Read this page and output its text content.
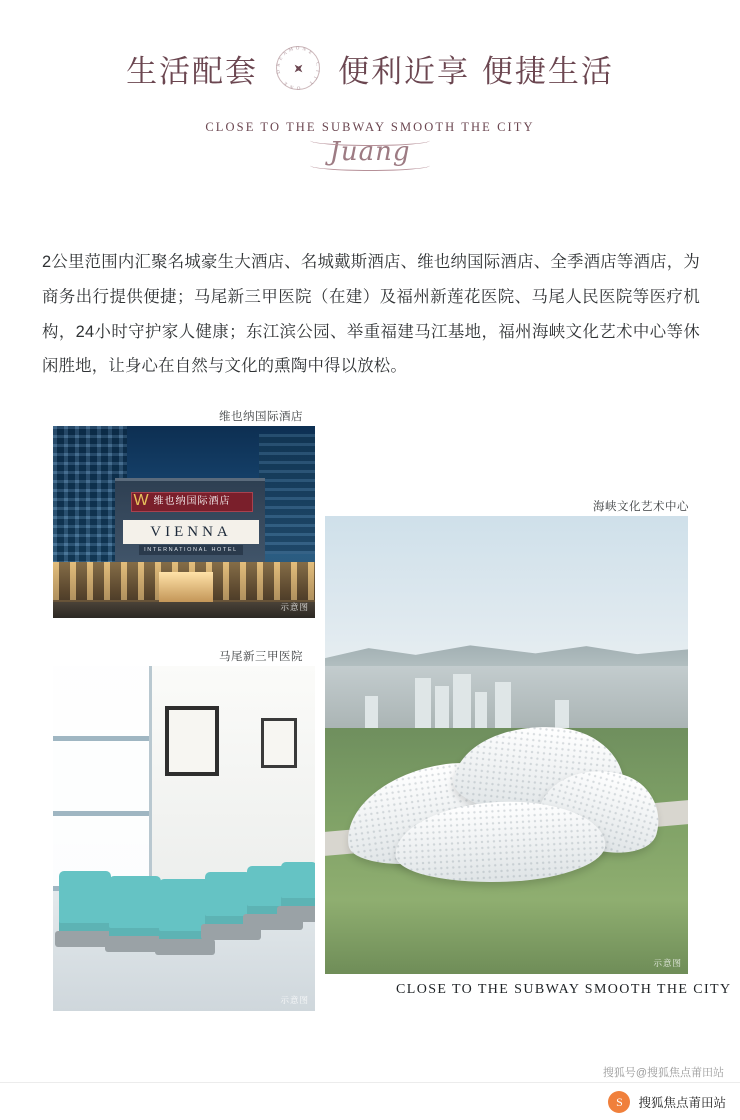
生活配套
O N
E
C
I
T
Y
O
N
E
D
R
E
A
M
便利近享 便捷生活
CLOSE TO THE SUBWAY SMOOTH THE CITY
Juang
2公里范围内汇聚名城豪生大酒店、名城戴斯酒店、维也纳国际酒店、全季酒店等酒店，为商务出行提供便捷；马尾新三甲医院（在建）及福州新莲花医院、马尾人民医院等医疗机构，24小时守护家人健康；东江滨公园、举重福建马江基地，福州海峡文化艺术中心等休闲胜地，让身心在自然与文化的熏陶中得以放松。
维也纳国际酒店
维也纳国际酒店
W
VIENNA
INTERNATIONAL HOTEL
示意图
马尾新三甲医院
示意图
海峡文化艺术中心
示意图
CLOSE TO THE SUBWAY SMOOTH THE CITY
搜狐号@搜狐焦点莆田站
S	搜狐焦点莆田站
